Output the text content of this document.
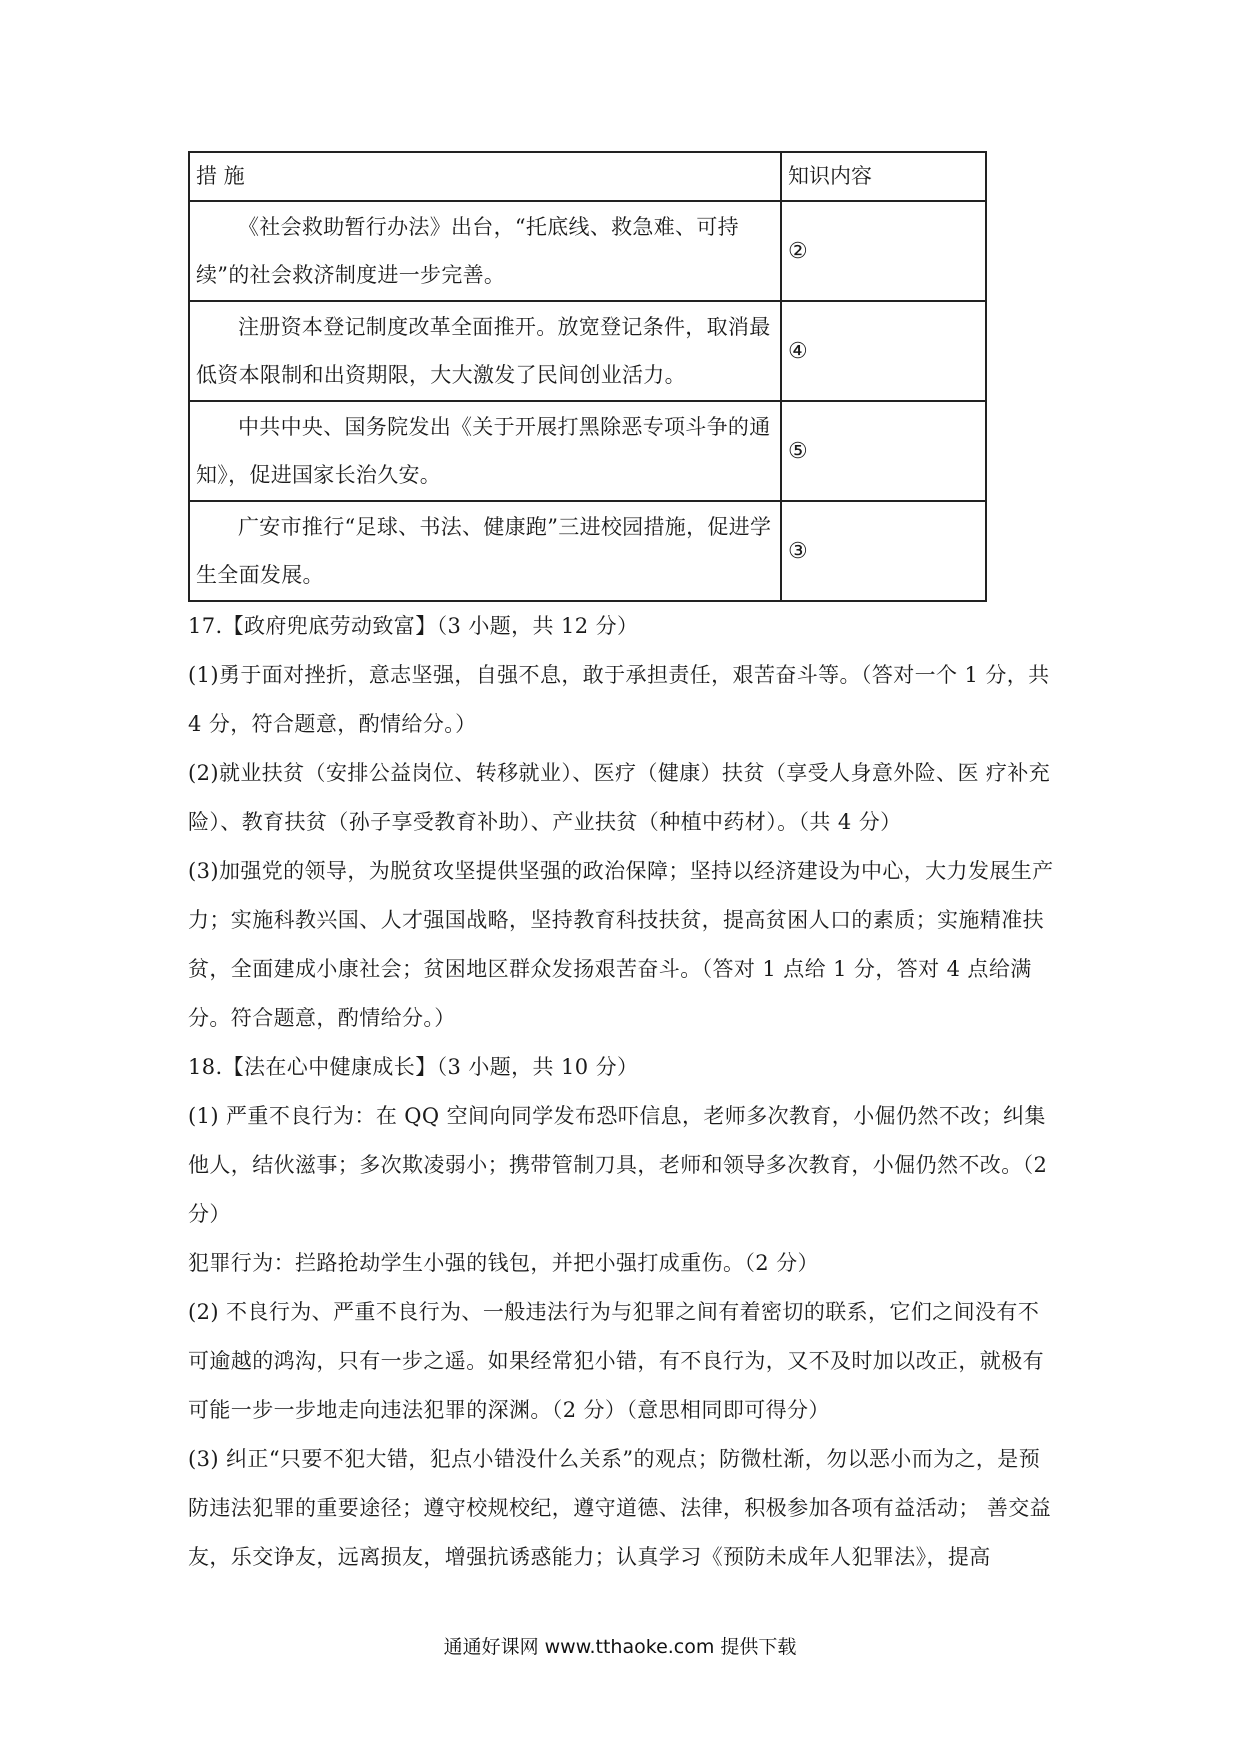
措 施	知识内容
《社会救助暂行办法》出台，“托底线、救急难、可持续”的社会救济制度进一步完善。	②
注册资本登记制度改革全面推开。放宽登记条件，取消最低资本限制和出资期限，大大激发了民间创业活力。	④
中共中央、国务院发出《关于开展打黑除恶专项斗争的通知》，促进国家长治久安。	⑤
广安市推行“足球、书法、健康跑”三进校园措施，促进学生全面发展。	③

17.【政府兜底劳动致富】（3 小题，共 12 分）

(1)勇于面对挫折，意志坚强，自强不息，敢于承担责任，艰苦奋斗等。（答对一个 1 分，共 4 分，符合题意，酌情给分。）

(2)就业扶贫（安排公益岗位、转移就业）、医疗（健康）扶贫（享受人身意外险、医 疗补充险）、教育扶贫（孙子享受教育补助）、产业扶贫（种植中药材）。（共 4 分）

(3)加强党的领导，为脱贫攻坚提供坚强的政治保障；坚持以经济建设为中心，大力发展生产力；实施科教兴国、人才强国战略，坚持教育科技扶贫，提高贫困人口的素质；实施精准扶贫，全面建成小康社会；贫困地区群众发扬艰苦奋斗。（答对 1 点给 1 分，答对 4 点给满分。符合题意，酌情给分。）

18.【法在心中健康成长】（3 小题，共 10 分）

(1) 严重不良行为：在 QQ 空间向同学发布恐吓信息，老师多次教育，小倔仍然不改；纠集他人，结伙滋事；多次欺凌弱小；携带管制刀具，老师和领导多次教育，小倔仍然不改。（2 分）

犯罪行为：拦路抢劫学生小强的钱包，并把小强打成重伤。（2 分）

(2) 不良行为、严重不良行为、一般违法行为与犯罪之间有着密切的联系，它们之间没有不可逾越的鸿沟，只有一步之遥。如果经常犯小错，有不良行为，又不及时加以改正，就极有可能一步一步地走向违法犯罪的深渊。（2 分）（意思相同即可得分）

(3) 纠正“只要不犯大错，犯点小错没什么关系”的观点；防微杜渐，勿以恶小而为之，是预防违法犯罪的重要途径；遵守校规校纪，遵守道德、法律，积极参加各项有益活动； 善交益友，乐交诤友，远离损友，增强抗诱惑能力；认真学习《预防未成年人犯罪法》，提高

通通好课网 www.tthaoke.com 提供下载
